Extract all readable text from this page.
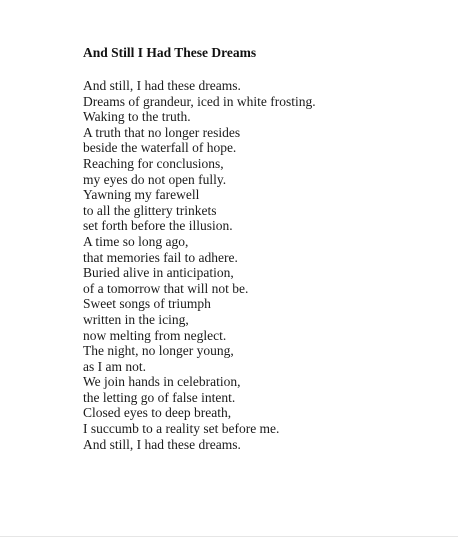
And Still I Had These Dreams
And still, I had these dreams.
Dreams of grandeur, iced in white frosting.
Waking to the truth.
A truth that no longer resides
beside the waterfall of hope.
Reaching for conclusions,
my eyes do not open fully.
Yawning my farewell
to all the glittery trinkets
set forth before the illusion.
A time so long ago,
that memories fail to adhere.
Buried alive in anticipation,
of a tomorrow that will not be.
Sweet songs of triumph
written in the icing,
now melting from neglect.
The night, no longer young,
as I am not.
We join hands in celebration,
the letting go of false intent.
Closed eyes to deep breath,
I succumb to a reality set before me.
And still, I had these dreams.
